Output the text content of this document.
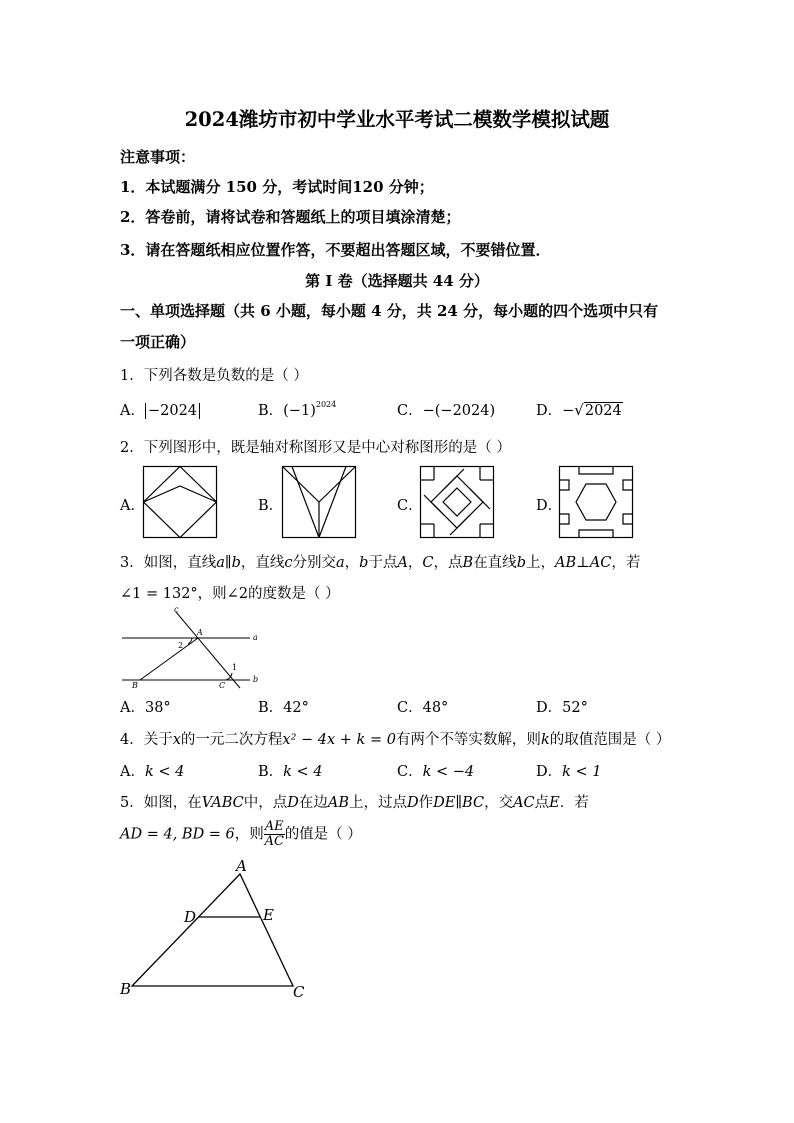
2024潍坊市初中学业水平考试二模数学模拟试题
注意事项：
1．本试题满分 150 分，考试时间120 分钟；
2．答卷前，请将试卷和答题纸上的项目填涂清楚；
3．请在答题纸相应位置作答，不要超出答题区域，不要错位置．
第 I 卷（选择题共 44 分）
一、单项选择题（共 6 小题，每小题 4 分，共 24 分，每小题的四个选项中只有
一项正确）
1．下列各数是负数的是（ ）
A． −2024	B．$(-1)^{2024}$	C．−(−2024)	D．−√2024
2．下列图形中，既是轴对称图形又是中心对称图形的是（ ）
A．	B．	C．	D．
3．如图，直线a∥b，直线c分别交a，b于点A，C，点B在直线b上，AB⊥AC，若
∠1 = 132°，则∠2的度数是（ ）
c
a
b
A
B	C
1
2
A．38°	B．42°	C．48°	D．52°
4．关于x的一元二次方程x² − 4x + k = 0有两个不等实数解，则k的取值范围是（ ）
A．k < 4	B．k < 4	C．k < −4	D．k < 1
5．如图，在VABC中，点D在边AB上，过点D作DE∥BC，交AC点E．若
AD = 4, BD = 6，则 $\frac{AE}{AC}$ 的值是（ ）
A
B	C
D	E
